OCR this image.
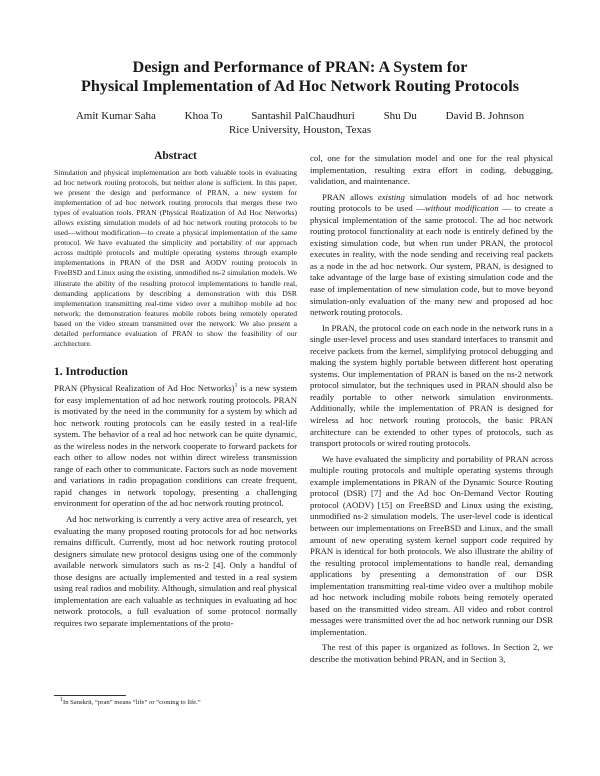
Design and Performance of PRAN: A System for
Physical Implementation of Ad Hoc Network Routing Protocols
Amit Kumar Saha	Khoa To	Santashil PalChaudhuri	Shu Du	David B. Johnson
Rice University, Houston, Texas
Abstract
Simulation and physical implementation are both valuable tools in evaluating ad hoc network routing protocols, but neither alone is sufficient. In this paper, we present the design and performance of PRAN, a new system for implementation of ad hoc network routing protocols that merges these two types of evaluation tools. PRAN (Physical Realization of Ad Hoc Networks) allows existing simulation models of ad hoc network routing protocols to be used—without modification—to create a physical implementation of the same protocol. We have evaluated the simplicity and portability of our approach across multiple protocols and multiple operating systems through example implementations in PRAN of the DSR and AODV routing protocols in FreeBSD and Linux using the existing, unmodified ns-2 simulation models. We illustrate the ability of the resulting protocol implementations to handle real, demanding applications by describing a demonstration with this DSR implementation transmitting real-time video over a multihop mobile ad hoc network; the demonstration features mobile robots being remotely operated based on the video stream transmitted over the network. We also present a detailed performance evaluation of PRAN to show the feasibility of our architecture.
1. Introduction

PRAN (Physical Realization of Ad Hoc Networks)$^1$ is a new system for easy implementation of ad hoc network routing protocols. PRAN is motivated by the need in the community for a system by which ad hoc network routing protocols can be easily tested in a real-life system. The behavior of a real ad hoc network can be quite dynamic, as the wireless nodes in the network cooperate to forward packets for each other to allow nodes not within direct wireless transmission range of each other to communicate. Factors such as node movement and variations in radio propagation conditions can create frequent, rapid changes in network topology, presenting a challenging environment for operation of the ad hoc network routing protocol.

Ad hoc networking is currently a very active area of research, yet evaluating the many proposed routing protocols for ad hoc networks remains difficult. Currently, most ad hoc network routing protocol designers simulate new protocol designs using one of the commonly available network simulators such as ns-2 [4]. Only a handful of those designs are actually implemented and tested in a real system using real radios and mobility. Although, simulation and real physical implementation are each valuable as techniques in evaluating ad hoc network protocols, a full evaluation of some protocol normally requires two separate implementations of the proto-

col, one for the simulation model and one for the real physical implementation, resulting extra effort in coding, debugging, validation, and maintenance.

PRAN allows existing simulation models of ad hoc network routing protocols to be used —without modification — to create a physical implementation of the same protocol. The ad hoc network routing protocol functionality at each node is entirely defined by the existing simulation code, but when run under PRAN, the protocol executes in reality, with the node sending and receiving real packets as a node in the ad hoc network. Our system, PRAN, is designed to take advantage of the large base of existing simulation code and the ease of implementation of new simulation code, but to move beyond simulation-only evaluation of the many new and proposed ad hoc network routing protocols.

In PRAN, the protocol code on each node in the network runs in a single user-level process and uses standard interfaces to transmit and receive packets from the kernel, simplifying protocol debugging and making the system highly portable between different host operating systems. Our implementation of PRAN is based on the ns-2 network protocol simulator, but the techniques used in PRAN should also be readily portable to other network simulation environments. Additionally, while the implementation of PRAN is designed for wireless ad hoc network routing protocols, the basic PRAN architecture can be extended to other types of protocols, such as transport protocols or wired routing protocols.

We have evaluated the simplicity and portability of PRAN across multiple routing protocols and multiple operating systems through example implementations in PRAN of the Dynamic Source Routing protocol (DSR) [7] and the Ad hoc On-Demand Vector Routing protocol (AODV) [15] on FreeBSD and Linux using the existing, unmodified ns-2 simulation models. The user-level code is identical between our implementations on FreeBSD and Linux, and the small amount of new operating system kernel support code required by PRAN is identical for both protocols. We also illustrate the ability of the resulting protocol implementations to handle real, demanding applications by presenting a demonstration of our DSR implementation transmitting real-time video over a multihop mobile ad hoc network including mobile robots being remotely operated based on the transmitted video stream. All video and robot control messages were transmitted over the ad hoc network running our DSR implementation.

The rest of this paper is organized as follows. In Section 2, we describe the motivation behind PRAN, and in Section 3,

$^1$In Sanskrit, “pran” means “life” or “coming to life.”
